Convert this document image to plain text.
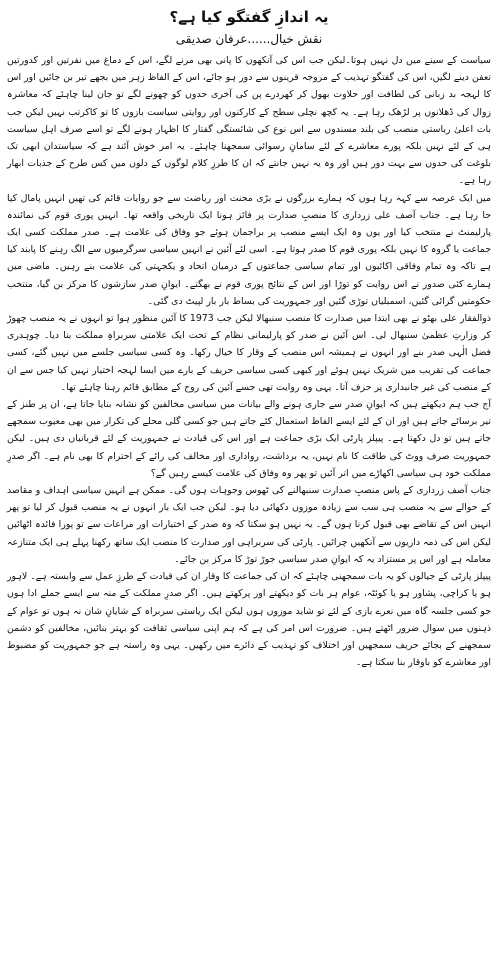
یہ اندازِ گفتگو کیا ہے؟
نقش خیال......عرفان صدیقی

سیاست کے سینے میں دل نہیں ہوتا۔لیکن جب اس کی آنکھوں کا پانی بھی مرنے لگے، اس کے دماغ میں نفرتیں اور کدورتیں تعفن دینے لگیں، اس کی گفتگو تہذیب کے مروجہ قرینوں سے دور ہو جائے، اس کے الفاظ زہر میں بجھے تیر بن جائیں اور اس کا لہجہ بد زبانی کی لطافت اور حلاوت بھول کر کھردرے پن کی آخری حدوں کو چھونے لگے تو جان لینا چاہئے کہ معاشرہ زوال کی ڈھلانوں پر لڑھک رہا ہے۔ یہ کچھ نچلی سطح کے کارکنوں اور روایتی سیاست بازوں کا تو کاکرتب نہیں لیکن جب بات اعلیٰ ریاستی منصب کی بلند مسندوں سے اس نوع کی شائستگی گفتار کا اظہار ہونے لگے تو اسے صرف اہل سیاست ہی کے لئے نہیں بلکہ پورے معاشرے کے لئے سامانِ رسوائی سمجھنا چاہئے۔ یہ امر خوش آئند ہے کہ سیاستدان ابھی تک بلوغت کی حدوں سے بہت دور ہیں اور وہ یہ نہیں جانتے کہ ان کا طرزِ کلام لوگوں کے دلوں میں کس طرح کے جذبات ابھار رہا ہے۔

میں ایک عرصہ سے کہہ رہا ہوں کہ ہمارے بزرگوں نے بڑی محنت اور ریاضت سے جو روایات قائم کی تھیں انہیں پامال کیا جا رہا ہے۔ جناب آصف علی زرداری کا منصبِ صدارت پر فائز ہونا ایک تاریخی واقعہ تھا۔ انہیں پوری قوم کی نمائندہ پارلیمنٹ نے منتخب کیا اور یوں وہ ایک ایسے منصب پر براجمان ہوئے جو وفاق کی علامت ہے۔ صدر مملکت کسی ایک جماعت یا گروہ کا نہیں بلکہ پوری قوم کا صدر ہوتا ہے۔ اسی لئے آئین نے انہیں سیاسی سرگرمیوں سے الگ رہنے کا پابند کیا ہے تاکہ وہ تمام وفاقی اکائیوں اور تمام سیاسی جماعتوں کے درمیان اتحاد و یکجہتی کی علامت بنے رہیں۔ ماضی میں ہمارے کئی صدور نے اس روایت کو توڑا اور اس کے نتائج پوری قوم نے بھگتے۔ ایوانِ صدر سازشوں کا مرکز بن گیا، منتخب حکومتیں گرائی گئیں، اسمبلیاں توڑی گئیں اور جمہوریت کی بساط بار بار لپیٹ دی گئی۔

ذوالفقار علی بھٹو نے بھی ابتدا میں صدارت کا منصب سنبھالا لیکن جب 1973 کا آئین منظور ہوا تو انہوں نے یہ منصب چھوڑ کر وزارتِ عظمیٰ سنبھال لی۔ اس آئین نے صدر کو پارلیمانی نظام کے تحت ایک علامتی سربراہِ مملکت بنا دیا۔ چوہدری فضل الٰہی صدر بنے اور انہوں نے ہمیشہ اس منصب کے وقار کا خیال رکھا۔ وہ کسی سیاسی جلسے میں نہیں گئے، کسی جماعت کی تقریب میں شریک نہیں ہوئے اور کبھی کسی سیاسی حریف کے بارے میں ایسا لہجہ اختیار نہیں کیا جس سے ان کے منصب کی غیر جانبداری پر حرف آتا۔ یہی وہ روایت تھی جسے آئین کی روح کے مطابق قائم رہنا چاہئے تھا۔

آج جب ہم دیکھتے ہیں کہ ایوانِ صدر سے جاری ہونے والے بیانات میں سیاسی مخالفین کو نشانہ بنایا جاتا ہے، ان پر طنز کے تیر برسائے جاتے ہیں اور ان کے لئے ایسے الفاظ استعمال کئے جاتے ہیں جو کسی گلی محلے کی تکرار میں بھی معیوب سمجھے جاتے ہیں تو دل دکھتا ہے۔ پیپلز پارٹی ایک بڑی جماعت ہے اور اس کی قیادت نے جمہوریت کے لئے قربانیاں دی ہیں۔ لیکن جمہوریت صرف ووٹ کی طاقت کا نام نہیں، یہ برداشت، رواداری اور مخالف کی رائے کے احترام کا بھی نام ہے۔ اگر صدرِ مملکت خود ہی سیاسی اکھاڑے میں اتر آئیں تو پھر وہ وفاق کی علامت کیسے رہیں گے؟

جناب آصف زرداری کے پاس منصبِ صدارت سنبھالنے کی ٹھوس وجوہات ہوں گی۔ ممکن ہے انہیں سیاسی اہداف و مقاصد کے حوالے سے یہ منصب ہی سب سے زیادہ موزوں دکھائی دیا ہو۔ لیکن جب ایک بار انہوں نے یہ منصب قبول کر لیا تو پھر انہیں اس کے تقاضے بھی قبول کرنا ہوں گے۔ یہ نہیں ہو سکتا کہ وہ صدر کے اختیارات اور مراعات سے تو پورا فائدہ اٹھائیں لیکن اس کی ذمہ داریوں سے آنکھیں چرائیں۔ پارٹی کی سربراہی اور صدارت کا منصب ایک ساتھ رکھنا پہلے ہی ایک متنازعہ معاملہ ہے اور اس پر مستزاد یہ کہ ایوانِ صدر سیاسی جوڑ توڑ کا مرکز بن جائے۔

پیپلز پارٹی کے جیالوں کو یہ بات سمجھنی چاہئے کہ ان کی جماعت کا وقار ان کی قیادت کے طرزِ عمل سے وابستہ ہے۔ لاہور ہو یا کراچی، پشاور ہو یا کوئٹہ، عوام ہر بات کو دیکھتے اور پرکھتے ہیں۔ اگر صدرِ مملکت کے منہ سے ایسے جملے ادا ہوں جو کسی جلسہ گاہ میں نعرے بازی کے لئے تو شاید موزوں ہوں لیکن ایک ریاستی سربراہ کے شایانِ شان نہ ہوں تو عوام کے ذہنوں میں سوال ضرور اٹھتے ہیں۔ ضرورت اس امر کی ہے کہ ہم اپنی سیاسی ثقافت کو بہتر بنائیں، مخالفین کو دشمن سمجھنے کے بجائے حریف سمجھیں اور اختلاف کو تہذیب کے دائرے میں رکھیں۔ یہی وہ راستہ ہے جو جمہوریت کو مضبوط اور معاشرے کو باوقار بنا سکتا ہے۔
